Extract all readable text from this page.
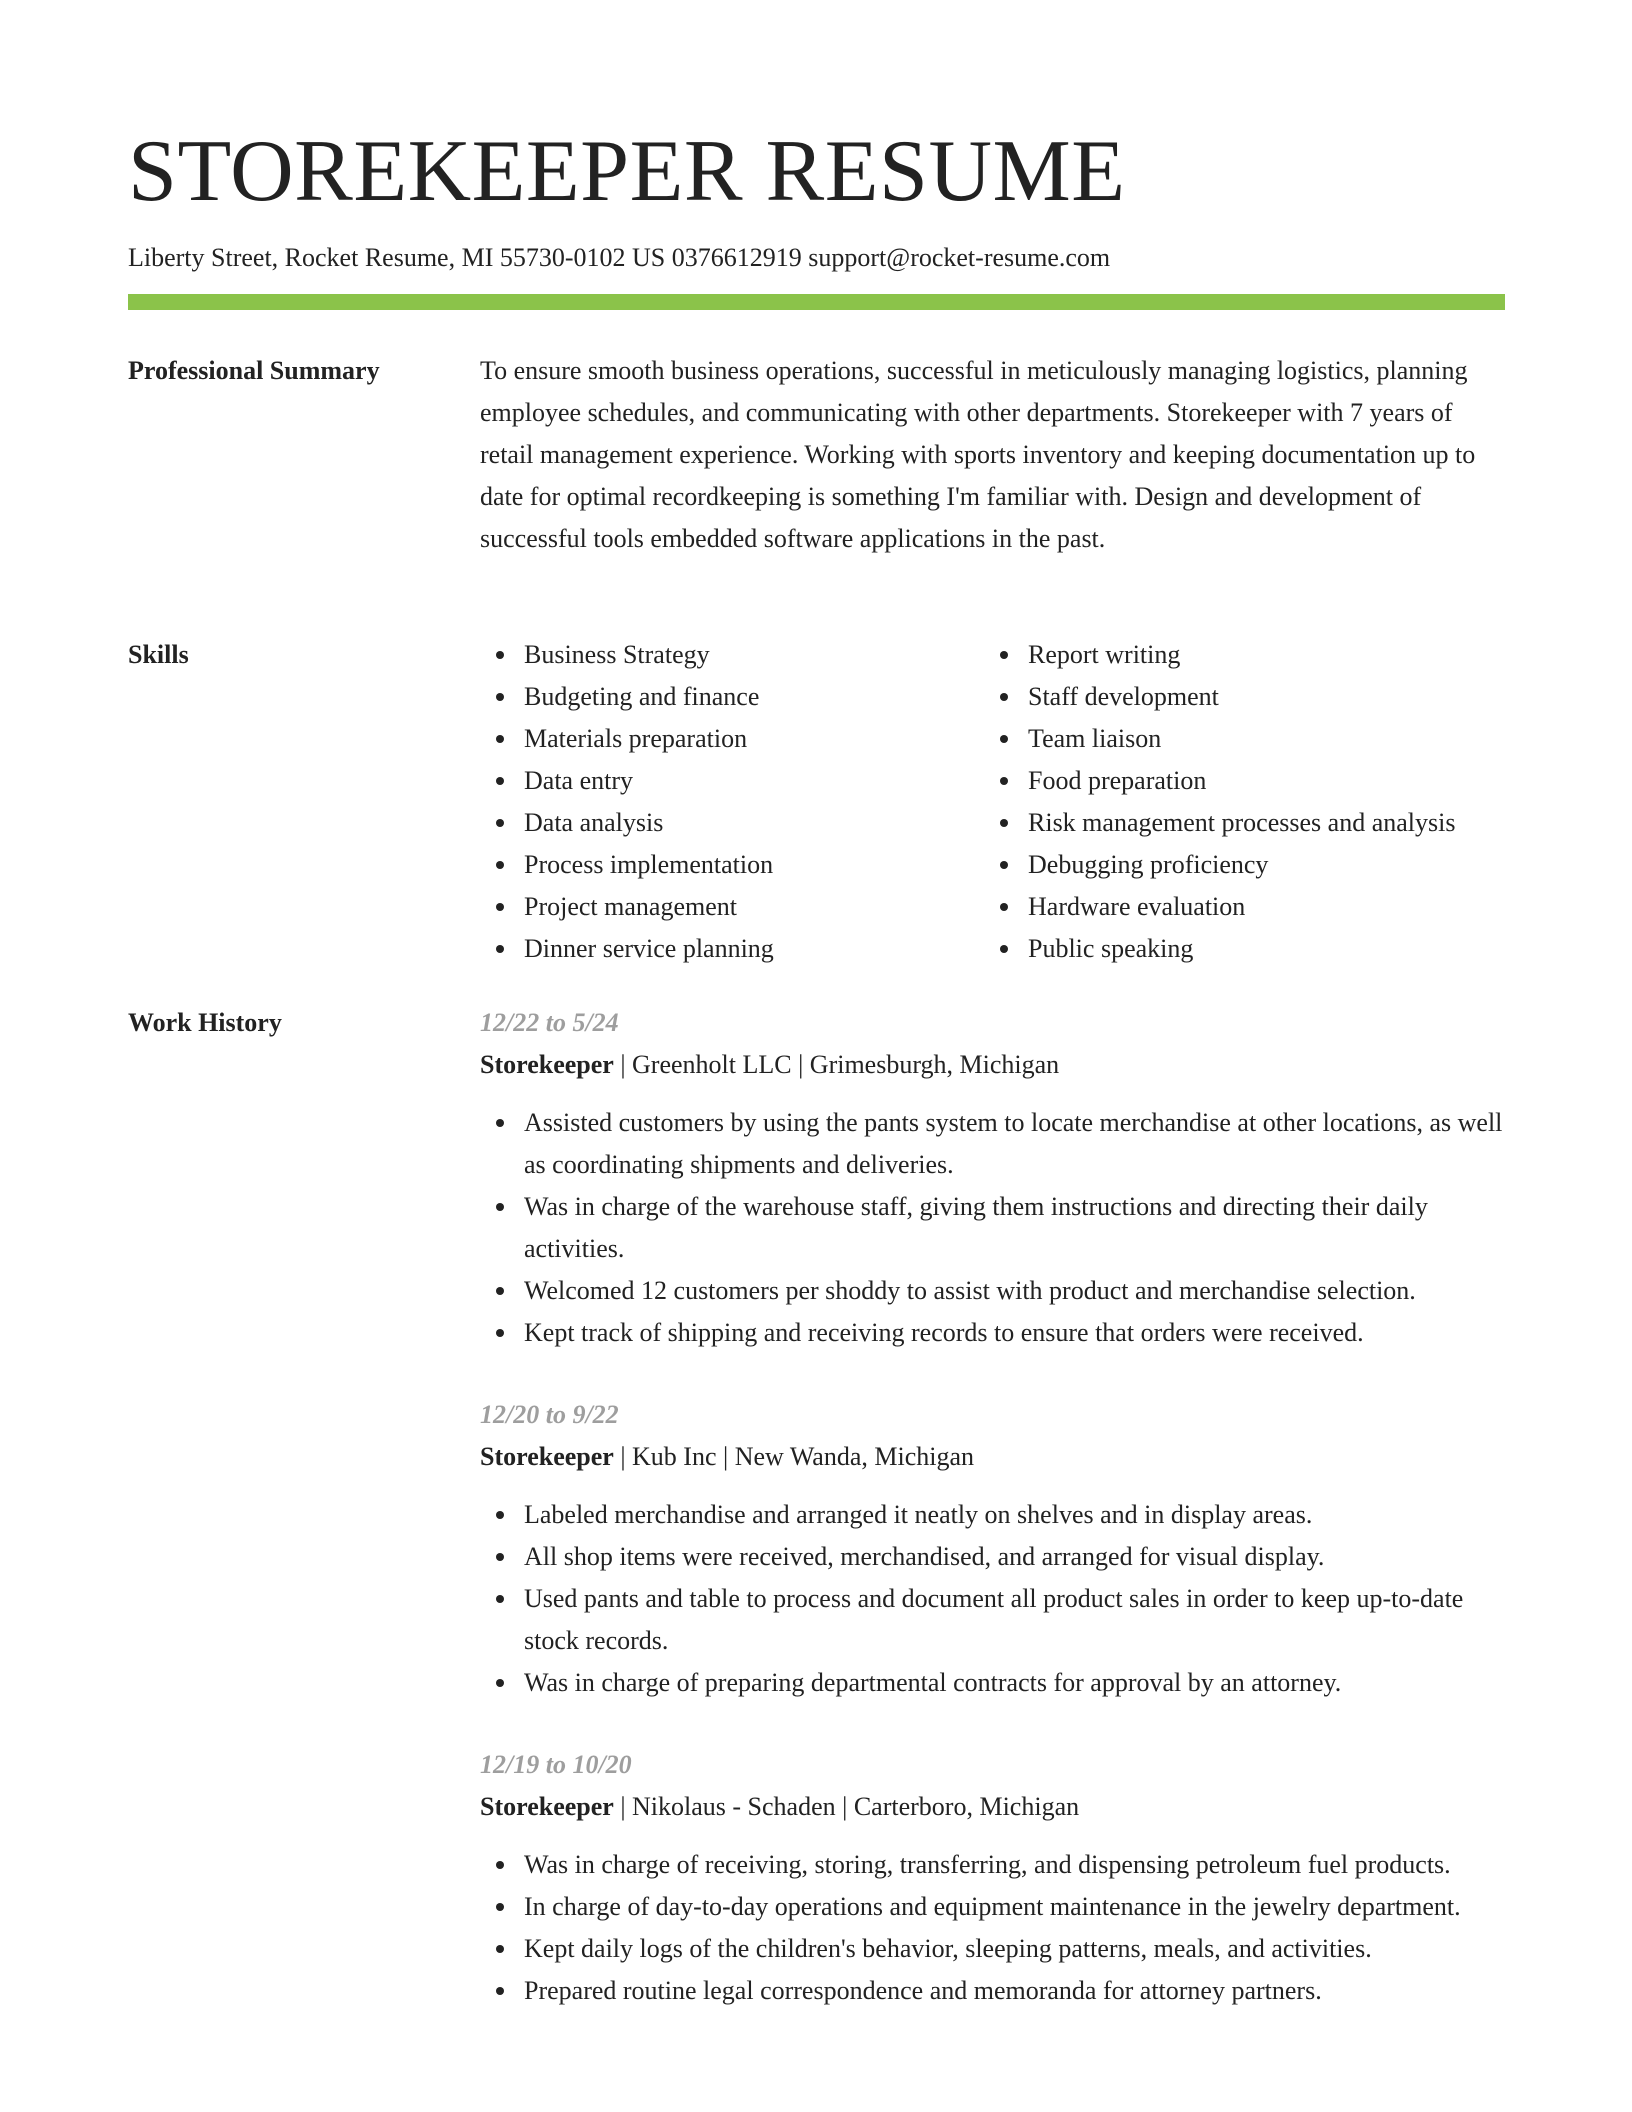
STOREKEEPER RESUME
Liberty Street, Rocket Resume, MI 55730-0102 US 0376612919 support@rocket-resume.com
Professional Summary	To ensure smooth business operations, successful in meticulously managing logistics, planning employee schedules, and communicating with other departments. Storekeeper with 7 years of retail management experience. Working with sports inventory and keeping documentation up to date for optimal recordkeeping is something I'm familiar with. Design and development of successful tools embedded software applications in the past.

Skills	Business Strategy
Budgeting and finance
Materials preparation
Data entry
Data analysis
Process implementation
Project management
Dinner service planning
Report writing
Staff development
Team liaison
Food preparation
Risk management processes and analysis
Debugging proficiency
Hardware evaluation
Public speaking
Work History	12/22 to 5/24
Storekeeper | Greenholt LLC | Grimesburgh, Michigan
Assisted customers by using the pants system to locate merchandise at other locations, as well as coordinating shipments and deliveries.
Was in charge of the warehouse staff, giving them instructions and directing their daily activities.
Welcomed 12 customers per shoddy to assist with product and merchandise selection.
Kept track of shipping and receiving records to ensure that orders were received.
12/20 to 9/22
Storekeeper | Kub Inc | New Wanda, Michigan
Labeled merchandise and arranged it neatly on shelves and in display areas.
All shop items were received, merchandised, and arranged for visual display.
Used pants and table to process and document all product sales in order to keep up-to-date stock records.
Was in charge of preparing departmental contracts for approval by an attorney.
12/19 to 10/20
Storekeeper | Nikolaus - Schaden | Carterboro, Michigan
Was in charge of receiving, storing, transferring, and dispensing petroleum fuel products.
In charge of day-to-day operations and equipment maintenance in the jewelry department.
Kept daily logs of the children's behavior, sleeping patterns, meals, and activities.
Prepared routine legal correspondence and memoranda for attorney partners.
